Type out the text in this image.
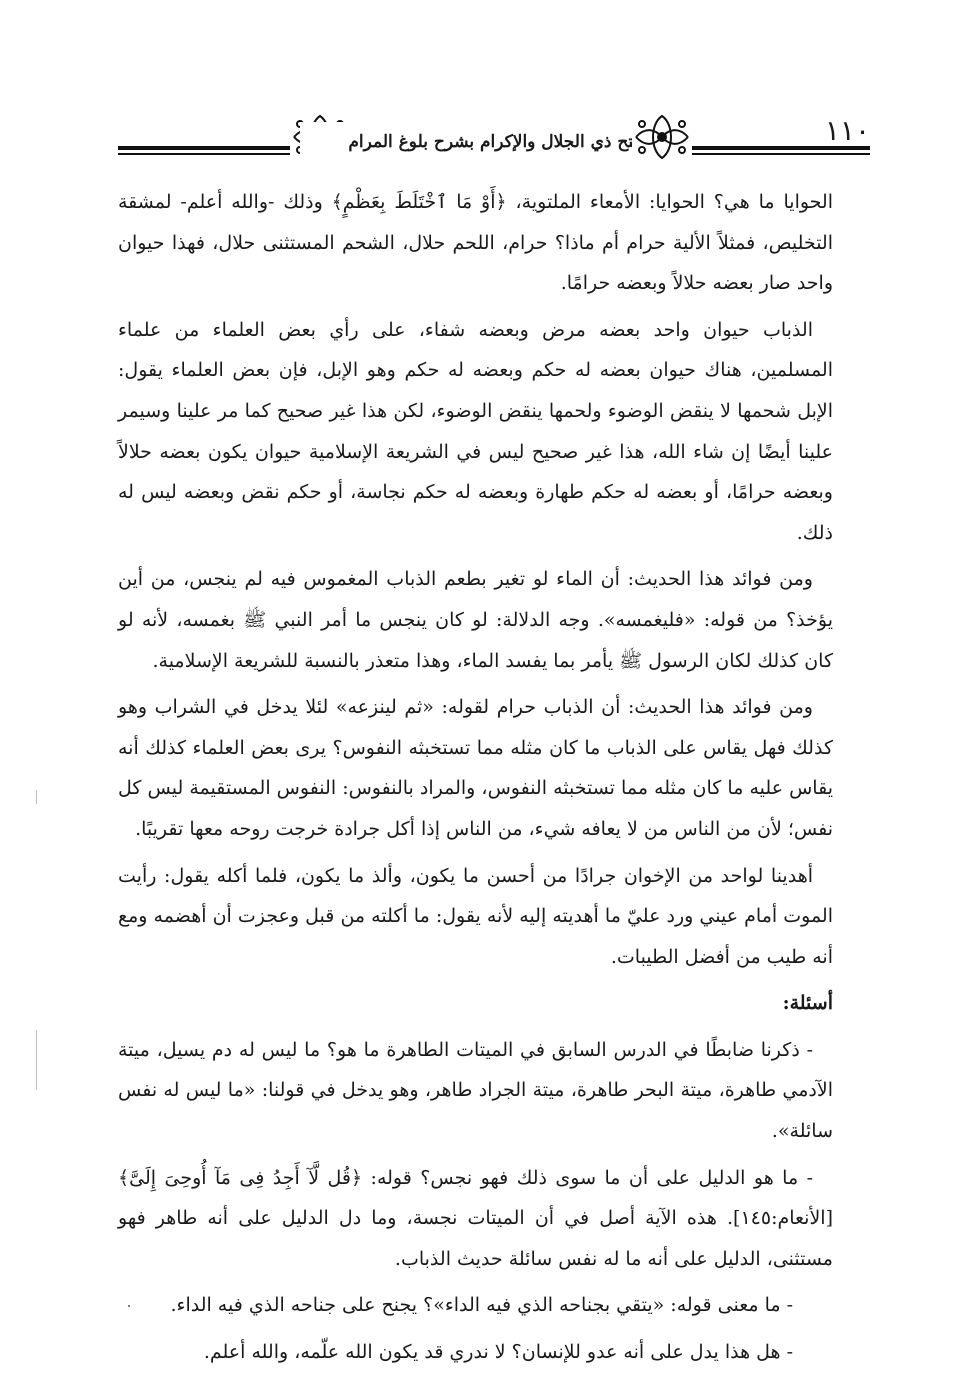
فتح ذي الجلال والإكرام بشرح بلوغ المرام	١١٠

الحوايا ما هي؟ الحوايا: الأمعاء الملتوية، ﴿أَوْ مَا ٱخْتَلَطَ بِعَظْمٍ﴾ وذلك -والله أعلم- لمشقة التخليص، فمثلاً الألية حرام أم ماذا؟ حرام، اللحم حلال، الشحم المستثنى حلال، فهذا حيوان واحد صار بعضه حلالاً وبعضه حرامًا.

الذباب حيوان واحد بعضه مرض وبعضه شفاء، على رأي بعض العلماء من علماء المسلمين، هناك حيوان بعضه له حكم وبعضه له حكم وهو الإبل، فإن بعض العلماء يقول: الإبل شحمها لا ينقض الوضوء ولحمها ينقض الوضوء، لكن هذا غير صحيح كما مر علينا وسيمر علينا أيضًا إن شاء الله، هذا غير صحيح ليس في الشريعة الإسلامية حيوان يكون بعضه حلالاً وبعضه حرامًا، أو بعضه له حكم طهارة وبعضه له حكم نجاسة، أو حكم نقض وبعضه ليس له ذلك.

ومن فوائد هذا الحديث: أن الماء لو تغير بطعم الذباب المغموس فيه لم ينجس، من أين يؤخذ؟ من قوله: «فليغمسه». وجه الدلالة: لو كان ينجس ما أمر النبي ﷺ بغمسه، لأنه لو كان كذلك لكان الرسول ﷺ يأمر بما يفسد الماء، وهذا متعذر بالنسبة للشريعة الإسلامية.

ومن فوائد هذا الحديث: أن الذباب حرام لقوله: «ثم لينزعه» لئلا يدخل في الشراب وهو كذلك فهل يقاس على الذباب ما كان مثله مما تستخبثه النفوس؟ يرى بعض العلماء كذلك أنه يقاس عليه ما كان مثله مما تستخبثه النفوس، والمراد بالنفوس: النفوس المستقيمة ليس كل نفس؛ لأن من الناس من لا يعافه شيء، من الناس إذا أكل جرادة خرجت روحه معها تقريبًا.

أهدينا لواحد من الإخوان جرادًا من أحسن ما يكون، وألذ ما يكون، فلما أكله يقول: رأيت الموت أمام عيني ورد عليّ ما أهديته إليه لأنه يقول: ما أكلته من قبل وعجزت أن أهضمه ومع أنه طيب من أفضل الطيبات.

أسئلة:

- ذكرنا ضابطًا في الدرس السابق في الميتات الطاهرة ما هو؟ ما ليس له دم يسيل، ميتة الآدمي طاهرة، ميتة البحر طاهرة، ميتة الجراد طاهر، وهو يدخل في قولنا: «ما ليس له نفس سائلة».

- ما هو الدليل على أن ما سوى ذلك فهو نجس؟ قوله: ﴿قُل لَّآ أَجِدُ فِى مَآ أُوحِىَ إِلَىَّ﴾ [الأنعام:١٤٥]. هذه الآية أصل في أن الميتات نجسة، وما دل الدليل على أنه طاهر فهو مستثنى، الدليل على أنه ما له نفس سائلة حديث الذباب.

- ما معنى قوله: «يتقي بجناحه الذي فيه الداء»؟ يجنح على جناحه الذي فيه الداء.

- هل هذا يدل على أنه عدو للإنسان؟ لا ندري قد يكون الله علّمه، والله أعلم.
